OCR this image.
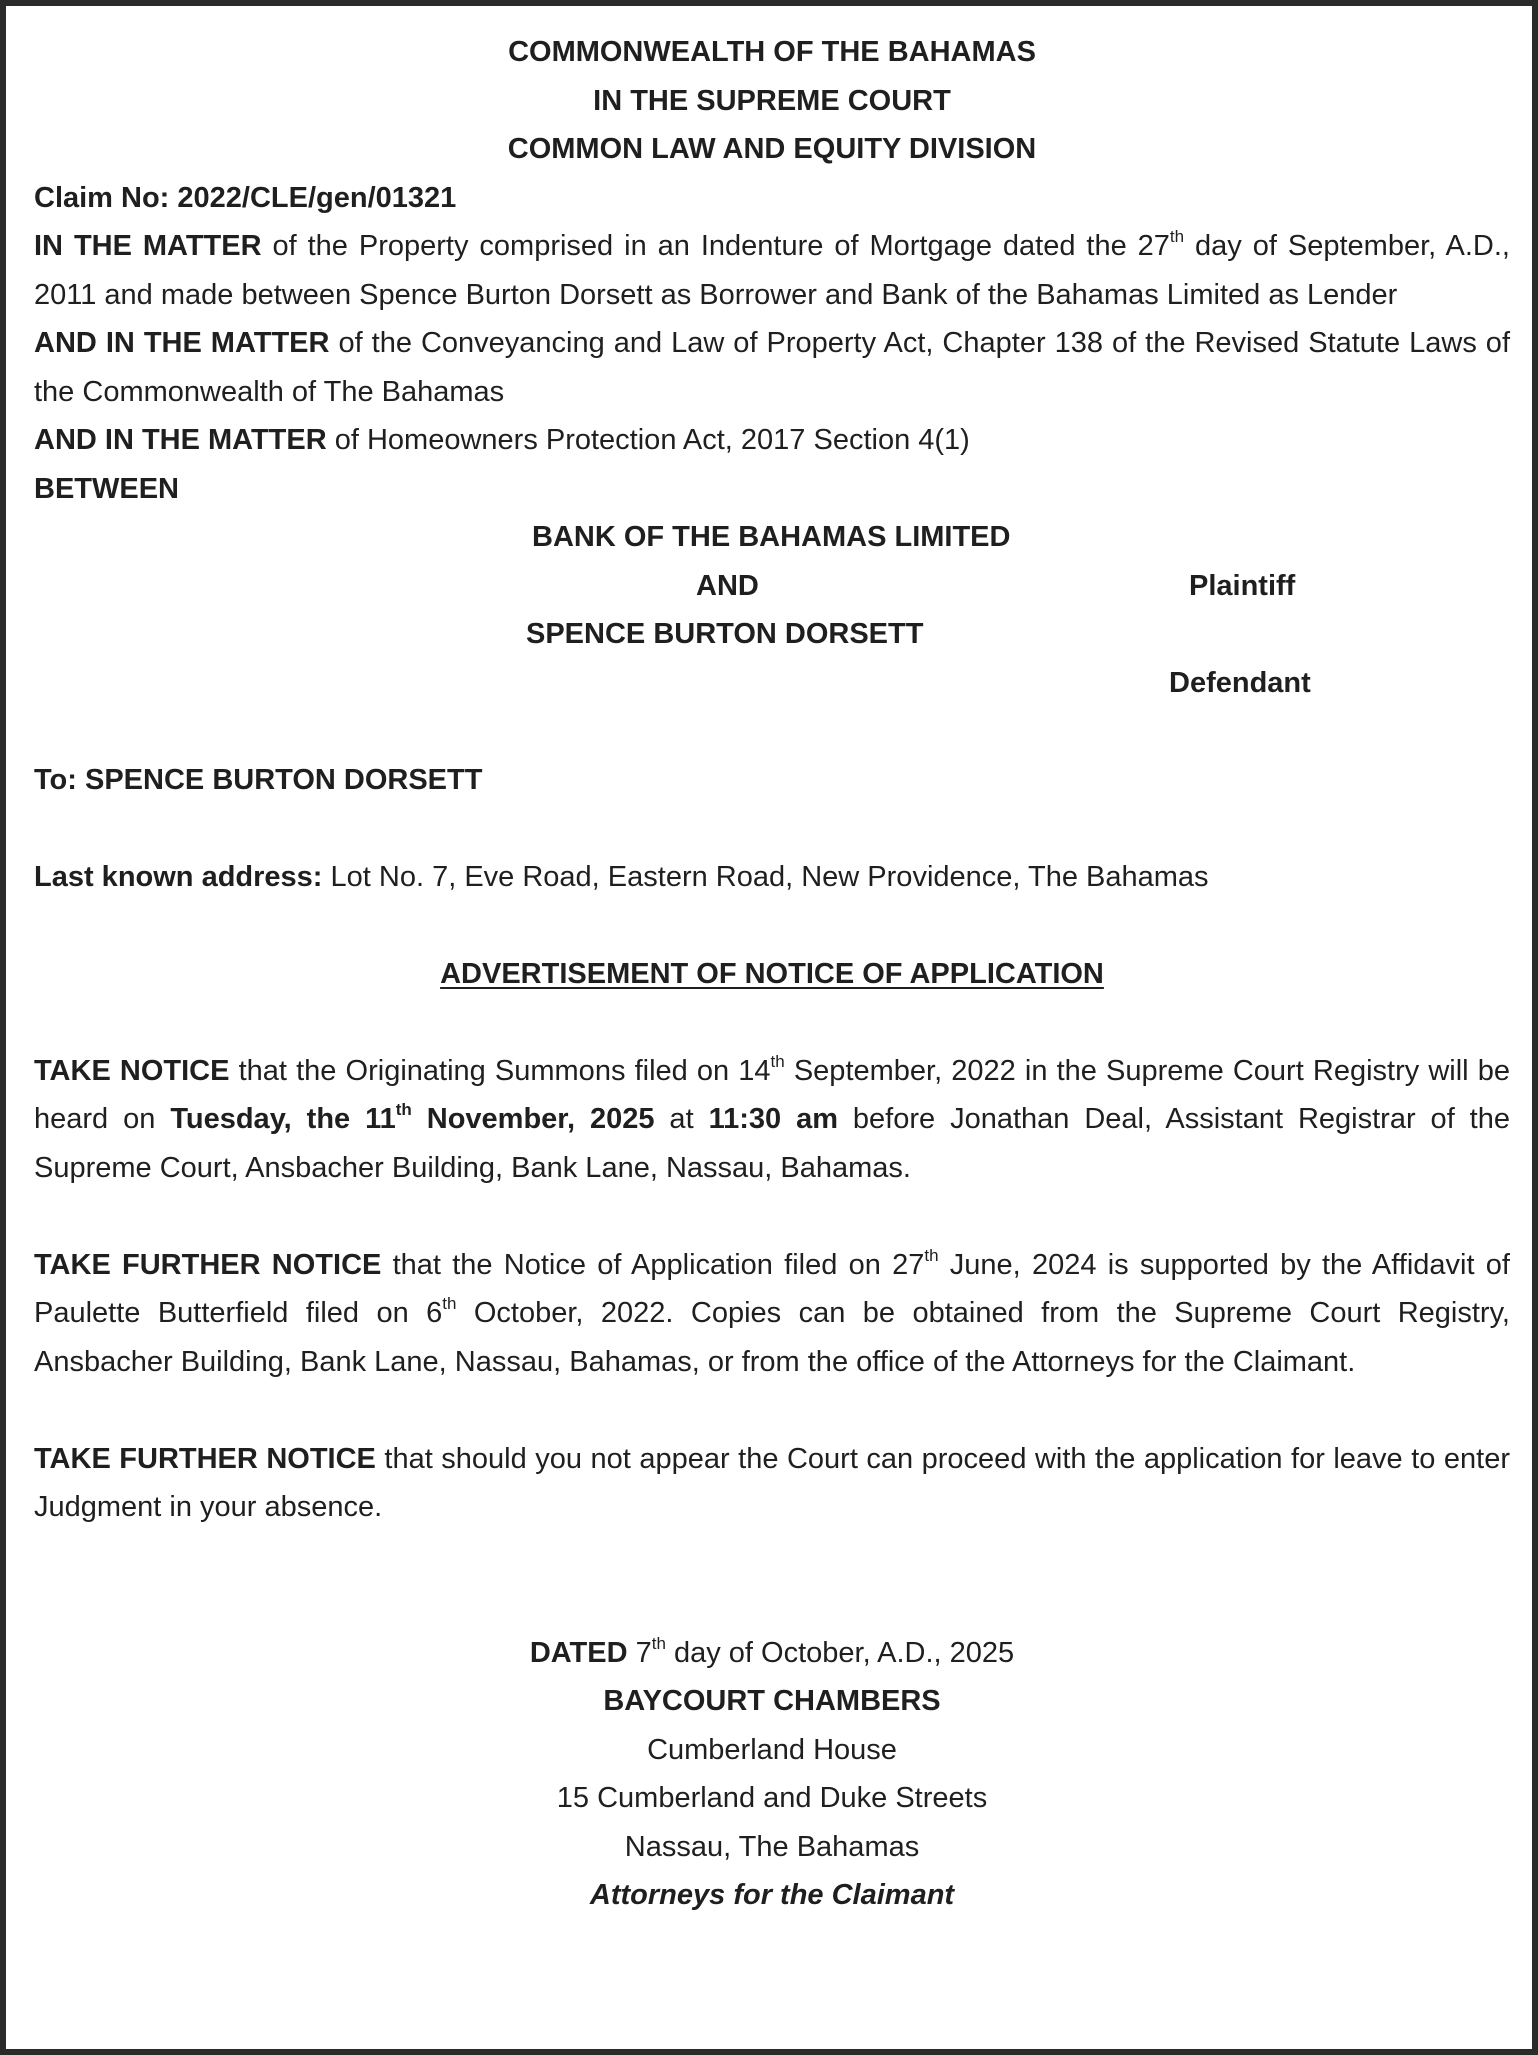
COMMONWEALTH OF THE BAHAMAS

IN THE SUPREME COURT

COMMON LAW AND EQUITY DIVISION

Claim No: 2022/CLE/gen/01321

IN THE MATTER of the Property comprised in an Indenture of Mortgage dated the 27th day of September, A.D., 2011 and made between Spence Burton Dorsett as Borrower and Bank of the Bahamas Limited as Lender

AND IN THE MATTER of the Conveyancing and Law of Property Act, Chapter 138 of the Revised Statute Laws of the Commonwealth of The Bahamas

AND IN THE MATTER of Homeowners Protection Act, 2017 Section 4(1)

BETWEEN

BANK OF THE BAHAMAS LIMITED
AND	Plaintiff
SPENCE BURTON DORSETT
Defendant

To: SPENCE BURTON DORSETT

Last known address: Lot No. 7, Eve Road, Eastern Road, New Providence, The Bahamas

ADVERTISEMENT OF NOTICE OF APPLICATION

TAKE NOTICE that the Originating Summons filed on 14th September, 2022 in the Supreme Court Registry will be heard on Tuesday, the 11th November, 2025 at 11:30 am before Jonathan Deal, Assistant Registrar of the Supreme Court, Ansbacher Building, Bank Lane, Nassau, Bahamas.

TAKE FURTHER NOTICE that the Notice of Application filed on 27th June, 2024 is supported by the Affidavit of Paulette Butterfield filed on 6th October, 2022. Copies can be obtained from the Supreme Court Registry, Ansbacher Building, Bank Lane, Nassau, Bahamas, or from the office of the Attorneys for the Claimant.

TAKE FURTHER NOTICE that should you not appear the Court can proceed with the application for leave to enter Judgment in your absence.

DATED 7th day of October, A.D., 2025

BAYCOURT CHAMBERS

Cumberland House

15 Cumberland and Duke Streets

Nassau, The Bahamas

Attorneys for the Claimant
